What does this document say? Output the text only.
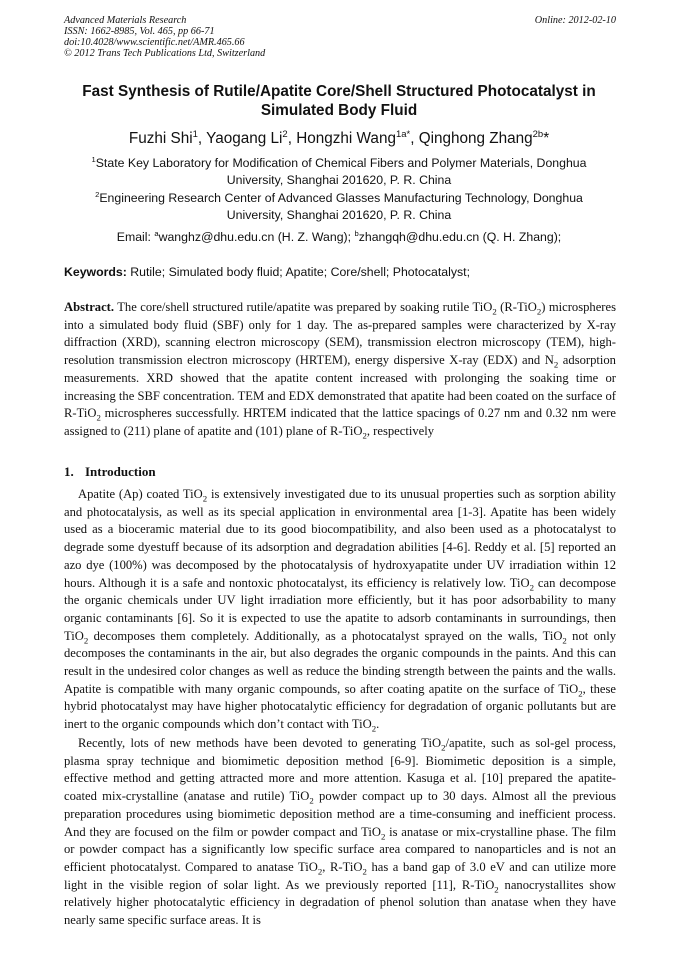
Advanced Materials Research
ISSN: 1662-8985, Vol. 465, pp 66-71
doi:10.4028/www.scientific.net/AMR.465.66
© 2012 Trans Tech Publications Ltd, Switzerland
Online: 2012-02-10
Fast Synthesis of Rutile/Apatite Core/Shell Structured Photocatalyst in
Simulated Body Fluid
Fuzhi Shi$^1$, Yaogang Li$^2$, Hongzhi Wang$^{1a*}$, Qinghong Zhang$^{2b}$*
$^1$State Key Laboratory for Modification of Chemical Fibers and Polymer Materials, Donghua
University, Shanghai 201620, P. R. China
$^2$Engineering Research Center of Advanced Glasses Manufacturing Technology, Donghua
University, Shanghai 201620, P. R. China
Email: $^a$wanghz@dhu.edu.cn (H. Z. Wang); $^b$zhangqh@dhu.edu.cn (Q. H. Zhang);
Keywords: Rutile; Simulated body fluid; Apatite; Core/shell; Photocatalyst;
Abstract. The core/shell structured rutile/apatite was prepared by soaking rutile TiO$_2$ (R-TiO$_2$) microspheres into a simulated body fluid (SBF) only for 1 day. The as-prepared samples were characterized by X-ray diffraction (XRD), scanning electron microscopy (SEM), transmission electron microscopy (TEM), high-resolution transmission electron microscopy (HRTEM), energy dispersive X-ray (EDX) and $N_2$ adsorption measurements. XRD showed that the apatite content increased with prolonging the soaking time or increasing the SBF concentration. TEM and EDX demonstrated that apatite had been coated on the surface of R-TiO$_2$ microspheres successfully. HRTEM indicated that the lattice spacings of 0.27 nm and 0.32 nm were assigned to (211) plane of apatite and (101) plane of R-TiO$_2$, respectively
1. Introduction
Apatite (Ap) coated TiO$_2$ is extensively investigated due to its unusual properties such as sorption ability and photocatalysis, as well as its special application in environmental area [1-3]. Apatite has been widely used as a bioceramic material due to its good biocompatibility, and also been used as a photocatalyst to degrade some dyestuff because of its adsorption and degradation abilities [4-6]. Reddy et al. [5] reported an azo dye (100%) was decomposed by the photocatalysis of hydroxyapatite under UV irradiation within 12 hours. Although it is a safe and nontoxic photocatalyst, its efficiency is relatively low. TiO$_2$ can decompose the organic chemicals under UV light irradiation more efficiently, but it has poor adsorbability to many organic contaminants [6]. So it is expected to use the apatite to adsorb contaminants in surroundings, then TiO$_2$ decomposes them completely. Additionally, as a photocatalyst sprayed on the walls, TiO$_2$ not only decomposes the contaminants in the air, but also degrades the organic compounds in the paints. And this can result in the undesired color changes as well as reduce the binding strength between the paints and the walls. Apatite is compatible with many organic compounds, so after coating apatite on the surface of TiO$_2$, these hybrid photocatalyst may have higher photocatalytic efficiency for degradation of organic pollutants but are inert to the organic compounds which don’t contact with TiO$_2$.
Recently, lots of new methods have been devoted to generating TiO$_2$/apatite, such as sol-gel process, plasma spray technique and biomimetic deposition method [6-9]. Biomimetic deposition is a simple, effective method and getting attracted more and more attention. Kasuga et al. [10] prepared the apatite-coated mix-crystalline (anatase and rutile) TiO$_2$ powder compact up to 30 days. Almost all the previous preparation procedures using biomimetic deposition method are a time-consuming and inefficient process. And they are focused on the film or powder compact and TiO$_2$ is anatase or mix-crystalline phase. The film or powder compact has a significantly low specific surface area compared to nanoparticles and is not an efficient photocatalyst. Compared to anatase TiO$_2$, R-TiO$_2$ has a band gap of 3.0 eV and can utilize more light in the visible region of solar light. As we previously reported [11], R-TiO$_2$ nanocrystallites show relatively higher photocatalytic efficiency in degradation of phenol solution than anatase when they have nearly same specific surface areas. It is
